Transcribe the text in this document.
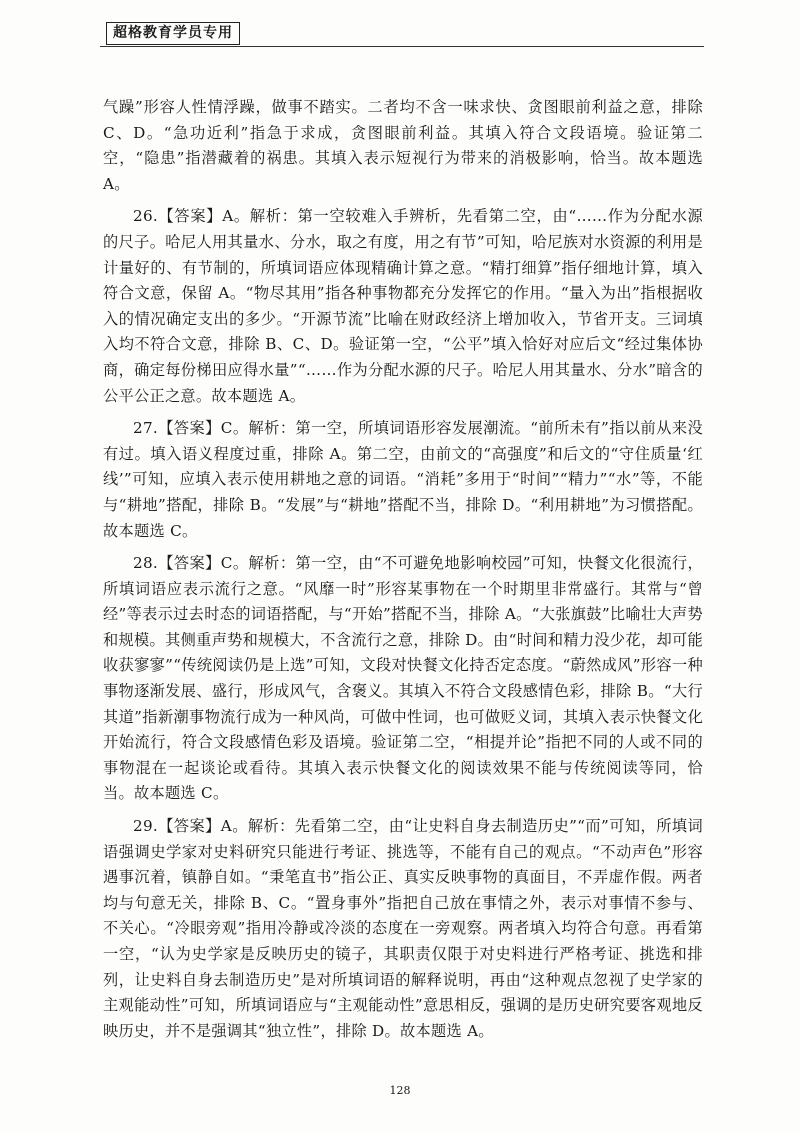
超格教育学员专用

气躁”形容人性情浮躁，做事不踏实。二者均不含一味求快、贪图眼前利益之意，排除 C、D。“急功近利”指急于求成，贪图眼前利益。其填入符合文段语境。验证第二空，“隐患”指潜藏着的祸患。其填入表示短视行为带来的消极影响，恰当。故本题选 A。

26.【答案】A。解析：第一空较难入手辨析，先看第二空，由“……作为分配水源的尺子。哈尼人用其量水、分水，取之有度，用之有节”可知，哈尼族对水资源的利用是计量好的、有节制的，所填词语应体现精确计算之意。“精打细算”指仔细地计算，填入符合文意，保留 A。“物尽其用”指各种事物都充分发挥它的作用。“量入为出”指根据收入的情况确定支出的多少。“开源节流”比喻在财政经济上增加收入，节省开支。三词填入均不符合文意，排除 B、C、D。验证第一空，“公平”填入恰好对应后文“经过集体协商，确定每份梯田应得水量”“……作为分配水源的尺子。哈尼人用其量水、分水”暗含的公平公正之意。故本题选 A。

27.【答案】C。解析：第一空，所填词语形容发展潮流。“前所未有”指以前从来没有过。填入语义程度过重，排除 A。第二空，由前文的“高强度”和后文的“守住质量‘红线’”可知，应填入表示使用耕地之意的词语。“消耗”多用于“时间”“精力”“水”等，不能与“耕地”搭配，排除 B。“发展”与“耕地”搭配不当，排除 D。“利用耕地”为习惯搭配。故本题选 C。

28.【答案】C。解析：第一空，由“不可避免地影响校园”可知，快餐文化很流行，所填词语应表示流行之意。“风靡一时”形容某事物在一个时期里非常盛行。其常与“曾经”等表示过去时态的词语搭配，与“开始”搭配不当，排除 A。“大张旗鼓”比喻壮大声势和规模。其侧重声势和规模大，不含流行之意，排除 D。由“时间和精力没少花，却可能收获寥寥”“传统阅读仍是上选”可知，文段对快餐文化持否定态度。“蔚然成风”形容一种事物逐渐发展、盛行，形成风气，含褒义。其填入不符合文段感情色彩，排除 B。“大行其道”指新潮事物流行成为一种风尚，可做中性词，也可做贬义词，其填入表示快餐文化开始流行，符合文段感情色彩及语境。验证第二空，“相提并论”指把不同的人或不同的事物混在一起谈论或看待。其填入表示快餐文化的阅读效果不能与传统阅读等同，恰当。故本题选 C。

29.【答案】A。解析：先看第二空，由“让史料自身去制造历史”“而”可知，所填词语强调史学家对史料研究只能进行考证、挑选等，不能有自己的观点。“不动声色”形容遇事沉着，镇静自如。“秉笔直书”指公正、真实反映事物的真面目，不弄虚作假。两者均与句意无关，排除 B、C。“置身事外”指把自己放在事情之外，表示对事情不参与、不关心。“冷眼旁观”指用冷静或冷淡的态度在一旁观察。两者填入均符合句意。再看第一空，“认为史学家是反映历史的镜子，其职责仅限于对史料进行严格考证、挑选和排列，让史料自身去制造历史”是对所填词语的解释说明，再由“这种观点忽视了史学家的主观能动性”可知，所填词语应与“主观能动性”意思相反，强调的是历史研究要客观地反映历史，并不是强调其“独立性”，排除 D。故本题选 A。

128
